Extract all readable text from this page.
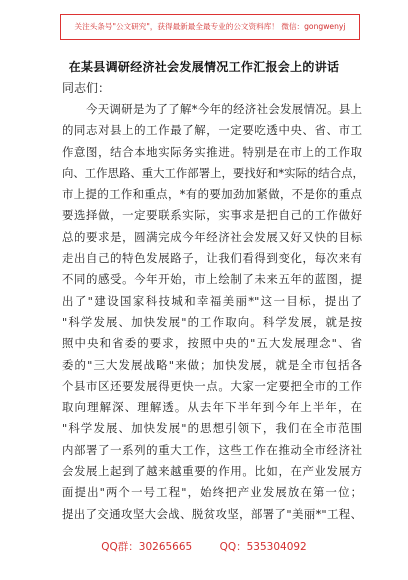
关注头条号"公文研究"，获得最新最全最专业的公文资料库！ 微信：gongwenyj
在某县调研经济社会发展情况工作汇报会上的讲话
同志们：
今天调研是为了了解*今年的经济社会发展情况。县上
的同志对县上的工作最了解，一定要吃透中央、省、市工
作意图，结合本地实际务实推进。特别是在市上的工作取
向、工作思路、重大工作部署上，要找好和*实际的结合点，
市上提的工作和重点，*有的要加劲加紧做，不是你的重点
要选择做，一定要联系实际，实事求是把自己的工作做好
总的要求是，圆满完成今年经济社会发展又好又快的目标
走出自己的特色发展路子，让我们看得到变化，每次来有
不同的感受。今年开始，市上绘制了未来五年的蓝图，提
出了"建设国家科技城和幸福美丽*"这一目标，提出了
"科学发展、加快发展"的工作取向。科学发展，就是按
照中央和省委的要求，按照中央的"五大发展理念"、省
委的"三大发展战略"来做；加快发展，就是全市包括各
个县市区还要发展得更快一点。大家一定要把全市的工作
取向理解深、理解透。从去年下半年到今年上半年，在
"科学发展、加快发展"的思想引领下，我们在全市范围
内部署了一系列的重大工作，这些工作在推动全市经济社
会发展上起到了越来越重要的作用。比如，在产业发展方
面提出"两个一号工程"，始终把产业发展放在第一位；
提出了交通攻坚大会战、脱贫攻坚，部署了"美丽*"工程、
QQ群：30265665	QQ：535304092
